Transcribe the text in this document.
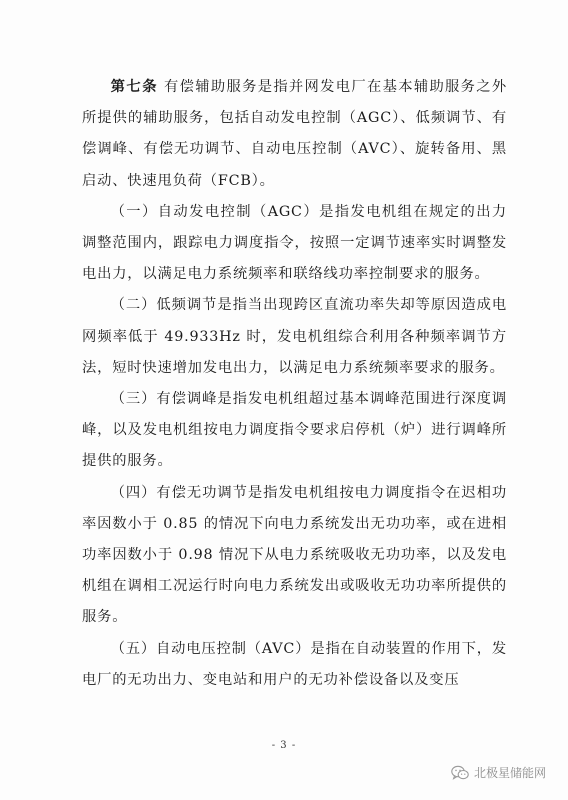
第七条 有偿辅助服务是指并网发电厂在基本辅助服务之外所提供的辅助服务，包括自动发电控制（AGC）、低频调节、有偿调峰、有偿无功调节、自动电压控制（AVC）、旋转备用、黑启动、快速甩负荷（FCB）。

（一）自动发电控制（AGC）是指发电机组在规定的出力调整范围内，跟踪电力调度指令，按照一定调节速率实时调整发电出力，以满足电力系统频率和联络线功率控制要求的服务。

（二）低频调节是指当出现跨区直流功率失却等原因造成电网频率低于 49.933Hz 时，发电机组综合利用各种频率调节方法，短时快速增加发电出力，以满足电力系统频率要求的服务。

（三）有偿调峰是指发电机组超过基本调峰范围进行深度调峰，以及发电机组按电力调度指令要求启停机（炉）进行调峰所提供的服务。

（四）有偿无功调节是指发电机组按电力调度指令在迟相功率因数小于 0.85 的情况下向电力系统发出无功功率，或在进相功率因数小于 0.98 情况下从电力系统吸收无功功率，以及发电机组在调相工况运行时向电力系统发出或吸收无功功率所提供的服务。

（五）自动电压控制（AVC）是指在自动装置的作用下，发电厂的无功出力、变电站和用户的无功补偿设备以及变压

- 3 -
北极星储能网
